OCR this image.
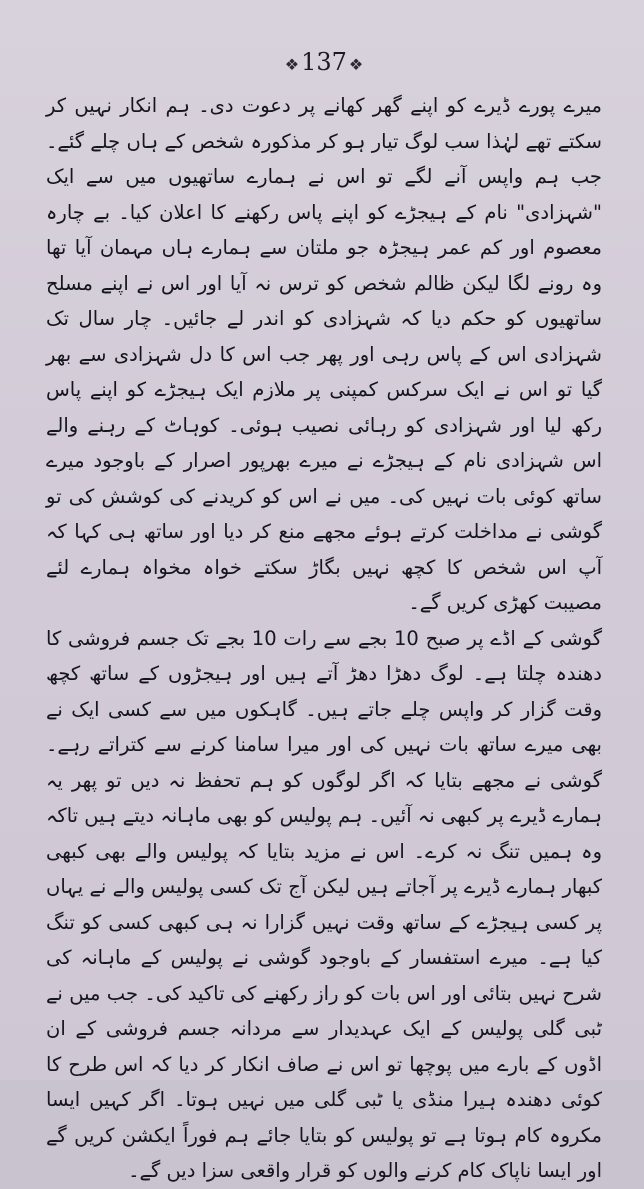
❖137 ❖
میرے پورے ڈیرے کو اپنے گھر کھانے پر دعوت دی۔ ہم انکار نہیں کر سکتے تھے لہٰذا سب لوگ تیار ہو کر مذکورہ شخص کے ہاں چلے گئے۔ جب ہم واپس آنے لگے تو اس نے ہمارے ساتھیوں میں سے ایک "شہزادی" نام کے ہیجڑے کو اپنے پاس رکھنے کا اعلان کیا۔ بے چارہ معصوم اور کم عمر ہیجڑہ جو ملتان سے ہمارے ہاں مہمان آیا تھا وہ رونے لگا لیکن ظالم شخص کو ترس نہ آیا اور اس نے اپنے مسلح ساتھیوں کو حکم دیا کہ شہزادی کو اندر لے جائیں۔ چار سال تک شہزادی اس کے پاس رہی اور پھر جب اس کا دل شہزادی سے بھر گیا تو اس نے ایک سرکس کمپنی پر ملازم ایک ہیجڑے کو اپنے پاس رکھ لیا اور شہزادی کو رہائی نصیب ہوئی۔ کوہاٹ کے رہنے والے اس شہزادی نام کے ہیجڑے نے میرے بھرپور اصرار کے باوجود میرے ساتھ کوئی بات نہیں کی۔ میں نے اس کو کریدنے کی کوشش کی تو گوشی نے مداخلت کرتے ہوئے مجھے منع کر دیا اور ساتھ ہی کہا کہ آپ اس شخص کا کچھ نہیں بگاڑ سکتے خواہ مخواہ ہمارے لئے مصیبت کھڑی کریں گے۔
گوشی کے اڈے پر صبح 10 بجے سے رات 10 بجے تک جسم فروشی کا دھندہ چلتا ہے۔ لوگ دھڑا دھڑ آتے ہیں اور ہیجڑوں کے ساتھ کچھ وقت گزار کر واپس چلے جاتے ہیں۔ گاہکوں میں سے کسی ایک نے بھی میرے ساتھ بات نہیں کی اور میرا سامنا کرنے سے کتراتے رہے۔ گوشی نے مجھے بتایا کہ اگر لوگوں کو ہم تحفظ نہ دیں تو پھر یہ ہمارے ڈیرے پر کبھی نہ آئیں۔ ہم پولیس کو بھی ماہانہ دیتے ہیں تاکہ وہ ہمیں تنگ نہ کرے۔ اس نے مزید بتایا کہ پولیس والے بھی کبھی کبھار ہمارے ڈیرے پر آجاتے ہیں لیکن آج تک کسی پولیس والے نے یہاں پر کسی ہیجڑے کے ساتھ وقت نہیں گزارا نہ ہی کبھی کسی کو تنگ کیا ہے۔ میرے استفسار کے باوجود گوشی نے پولیس کے ماہانہ کی شرح نہیں بتائی اور اس بات کو راز رکھنے کی تاکید کی۔ جب میں نے ٹبی گلی پولیس کے ایک عہدیدار سے مردانہ جسم فروشی کے ان اڈوں کے بارے میں پوچھا تو اس نے صاف انکار کر دیا کہ اس طرح کا کوئی دھندہ ہیرا منڈی یا ٹبی گلی میں نہیں ہوتا۔ اگر کہیں ایسا مکروہ کام ہوتا ہے تو پولیس کو بتایا جائے ہم فوراً ایکشن کریں گے اور ایسا ناپاک کام کرنے والوں کو قرار واقعی سزا دیں گے۔
